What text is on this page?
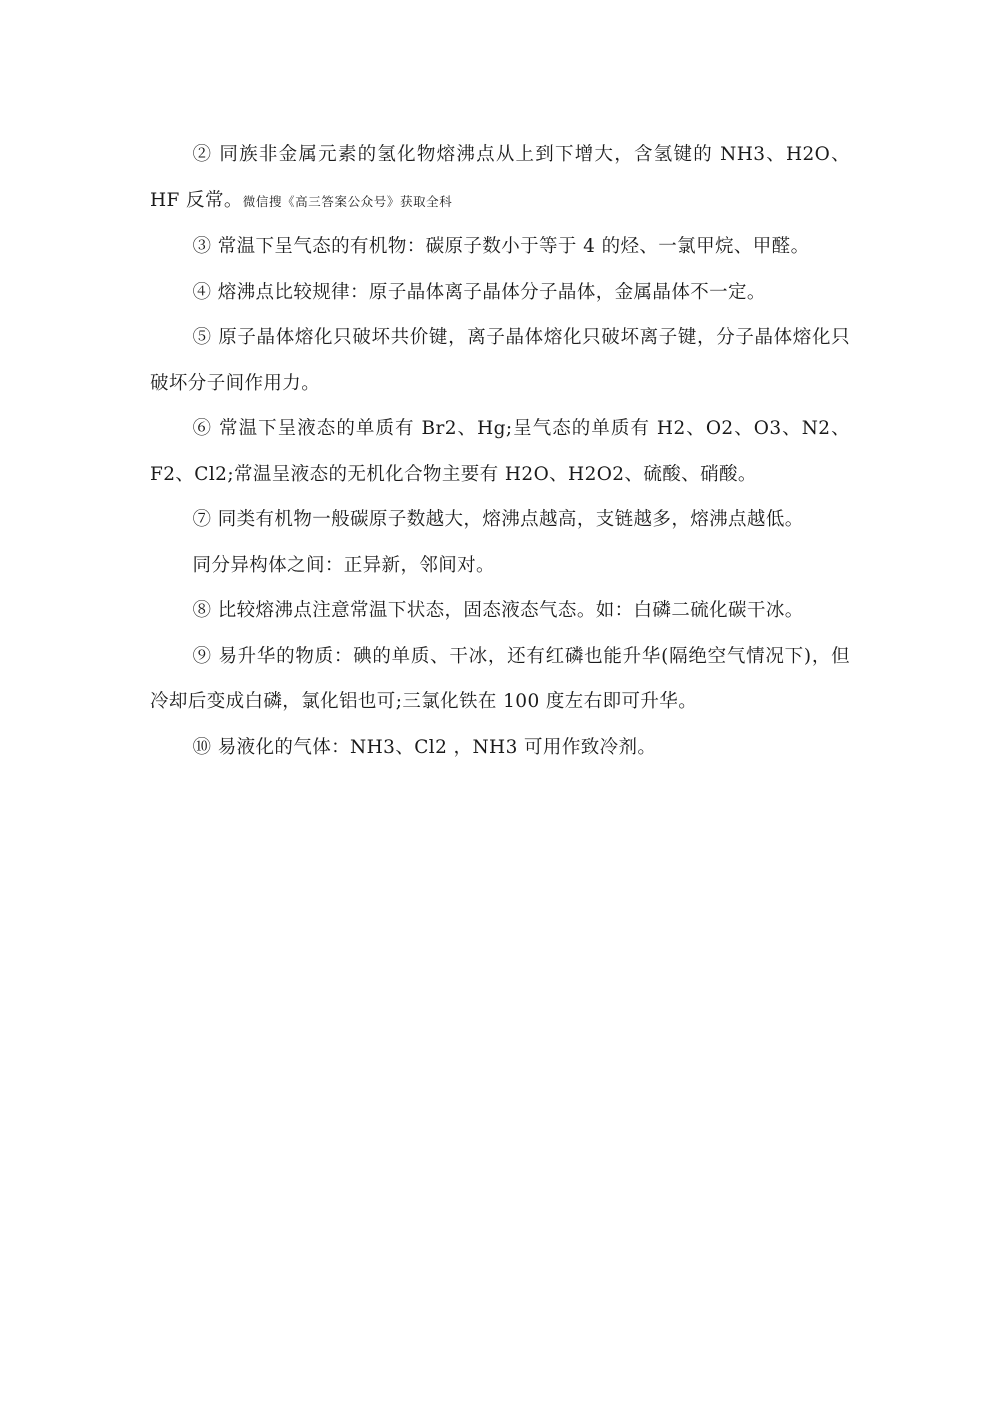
② 同族非金属元素的氢化物熔沸点从上到下增大，含氢键的 NH3、H2O、HF 反常。微信搜《高三答案公众号》获取全科

③ 常温下呈气态的有机物：碳原子数小于等于 4 的烃、一氯甲烷、甲醛。

④ 熔沸点比较规律：原子晶体离子晶体分子晶体，金属晶体不一定。

⑤ 原子晶体熔化只破坏共价键，离子晶体熔化只破坏离子键，分子晶体熔化只破坏分子间作用力。

⑥ 常温下呈液态的单质有 Br2、Hg;呈气态的单质有 H2、O2、O3、N2、F2、Cl2;常温呈液态的无机化合物主要有 H2O、H2O2、硫酸、硝酸。

⑦ 同类有机物一般碳原子数越大，熔沸点越高，支链越多，熔沸点越低。

同分异构体之间：正异新，邻间对。

⑧ 比较熔沸点注意常温下状态，固态液态气态。如：白磷二硫化碳干冰。

⑨ 易升华的物质：碘的单质、干冰，还有红磷也能升华(隔绝空气情况下)，但冷却后变成白磷，氯化铝也可;三氯化铁在 100 度左右即可升华。

⑩ 易液化的气体：NH3、Cl2 ，NH3 可用作致冷剂。
